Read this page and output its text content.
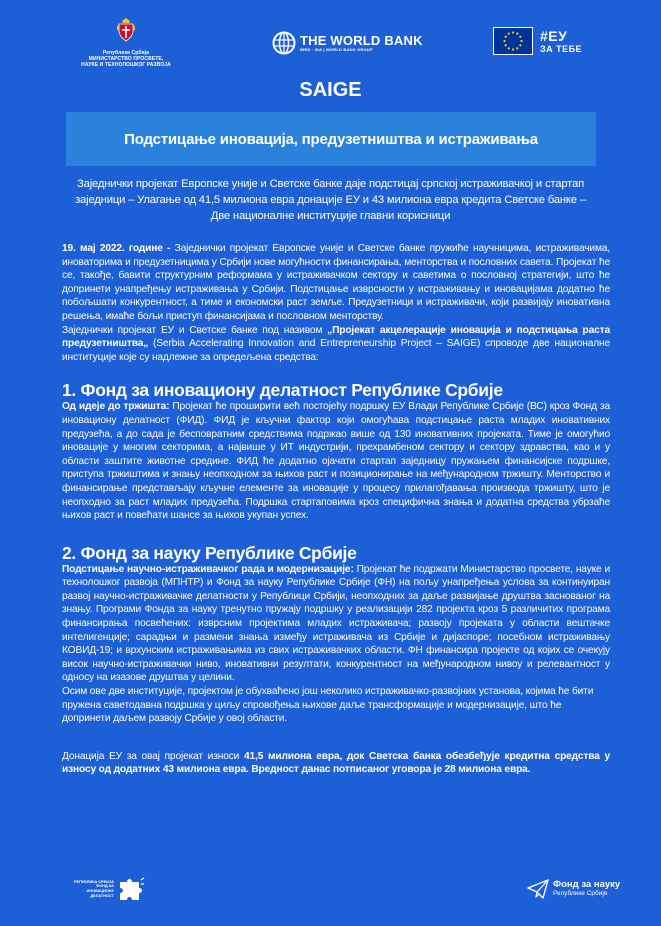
Република Србија
МИНИСТАРСТВО ПРОСВЕТЕ,
НАУКЕ И ТЕХНОЛОШКОГ РАЗВОЈА
THE WORLD BANK
IBRD · IDA | WORLD BANK GROUP
#ЕУ
ЗА ТЕБЕ
SAIGE
Подстицање иновација, предузетништва и истраживања
Заједнички пројекат Европске уније и Светске банке даје подстицај српској истраживачкој и стартап заједници – Улагање од 41,5 милиона евра донације ЕУ и 43 милиона евра кредита Светске банке – Две националне институције главни корисници

19. мај 2022. године - Заједнички пројекат Европске уније и Светске банке пружиће научницима, истраживачима, иноваторима и предузетницима у Србији нове могућности финансирања, менторства и пословних савета. Пројекат ће се, такође, бавити структурним реформама у истраживачком сектору и саветима о пословној стратегији, што ће допринети унапређењу истраживања у Србији. Подстицање изврсности у истраживању и иновацијама додатно ће побољшати конкурентност, а тиме и економски раст земље. Предузетници и истраживачи, који развијају иновативна решења, имаће бољи приступ финансијама и пословном менторству.

Заједнички пројекат ЕУ и Светске банке под називом „Пројекат акцелерације иновација и подстицања раста предузетништва„ (Serbia Accelerating Innovation and Entrepreneurship Project – SAIGE) спроводе две националне институције које су надлежне за опредељена средства:

1. Фонд за иновациону делатност Републике Србије

Од идеје до тржишта: Пројекат ће проширити већ постојећу подршку ЕУ Влади Републике Србије (ВС) кроз Фонд за иновациону делатност (ФИД). ФИД је кључни фактор који омогућава подстицање раста младих иновативних предузећа, а до сада је бесповратним средствима подржао више од 130 иновативних пројеката. Тиме је омогућио иновације у многим секторима, а највише у ИТ индустрији, прехрамбеном сектору и сектору здравства, као и у области заштите животне средине. ФИД ће додатно ојачати стартап заједницу пружањем финансијске подршке, приступа тржиштима и знању неопходном за њихов раст и позиционирање на међународном тржишту. Менторство и финансирање представљају кључне елементе за иновације у процесу прилагођавања производа тржишту, што је неопходно за раст младих предузећа. Подршка стартаповима кроз специфична знања и додатна средства убрзаће њихов раст и повећати шансе за њихов укупан успех.

2. Фонд за науку Републике Србије

Подстицање научно-истраживачког рада и модернизације: Пројекат ће подржати Министарство просвете, науке и технолошког развоја (МПНТР) и Фонд за науку Републике Србије (ФН) на пољу унапређења услова за континуиран развој научно-истраживачке делатности у Републици Србији, неопходних за даље развијање друштва заснованог на знању. Програми Фонда за науку тренутно пружају подршку у реализацији 282 пројекта кроз 5 различитих програма финансирања посвећених: изврсним пројектима младих истраживача; развоју пројеката у области вештачке интелигенције; сарадњи и размени знања између истраживача из Србије и дијаспоре; посебном истраживању КОВИД-19; и врхунским истраживањима из свих истраживачких области. ФН финансира пројекте од којих се очекују висок научно-истраживачки ниво, иновативни резултати, конкурентност на међународном нивоу и релевантност у односу на изазове друштва у целини.

Осим ове две институције, пројектом је обухваћено још неколико истраживачко-развојних установа, којима ће бити пружена саветодавна подршка у циљу спровођења њихове даље трансформације и модернизације, што ће допринети даљем развоју Србије у овој области.

Донација ЕУ за овај пројекат износи 41,5 милиона евра, док Светска банка обезбеђује кредитна средства у износу од додатних 43 милиона евра. Вредност данас потписаног уговора је 28 милиона евра.

РЕПУБЛИКА СРБИЈА
ФОНД ЗА
ИНОВАЦИОНУ
ДЕЛАТНОСТ
Фонд за науку
Републике Србије
